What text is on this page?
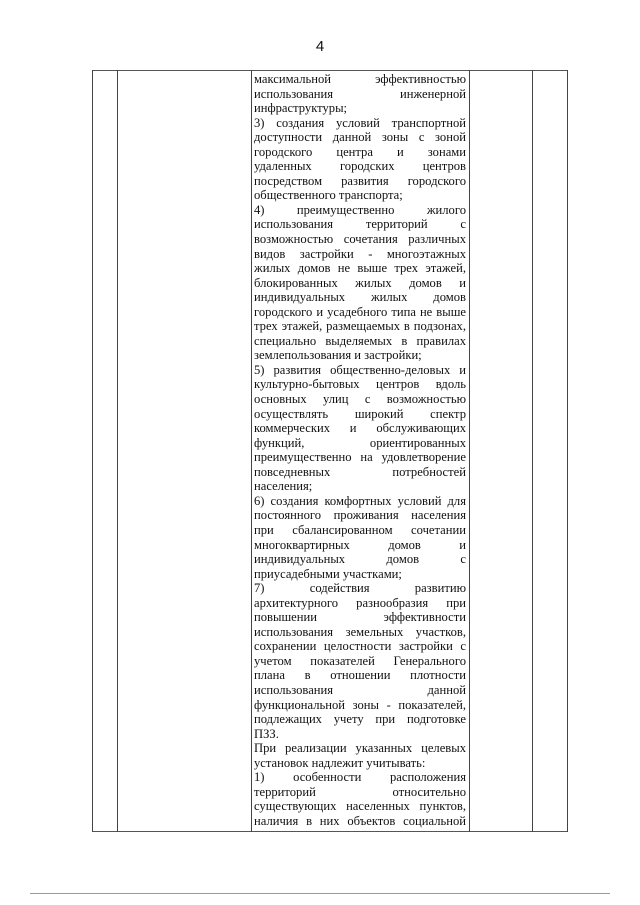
4
максимальной эффективностью
использования инженерной
инфраструктуры;
3) создания условий транспортной
доступности данной зоны с зоной
городского центра и зонами
удаленных городских центров
посредством развития городского
общественного транспорта;
4) преимущественно жилого
использования территорий с
возможностью сочетания различных
видов застройки - многоэтажных
жилых домов не выше трех этажей,
блокированных жилых домов и
индивидуальных жилых домов
городского и усадебного типа не выше
трех этажей, размещаемых в подзонах,
специально выделяемых в правилах
землепользования и застройки;
5) развития общественно-деловых и
культурно-бытовых центров вдоль
основных улиц с возможностью
осуществлять широкий спектр
коммерческих и обслуживающих
функций, ориентированных
преимущественно на удовлетворение
повседневных потребностей
населения;
6) создания комфортных условий для
постоянного проживания населения
при сбалансированном сочетании
многоквартирных домов и
индивидуальных домов с
приусадебными участками;
7) содействия развитию
архитектурного разнообразия при
повышении эффективности
использования земельных участков,
сохранении целостности застройки с
учетом показателей Генерального
плана в отношении плотности
использования данной
функциональной зоны - показателей,
подлежащих учету при подготовке
ПЗЗ.
При реализации указанных целевых
установок надлежит учитывать:
1) особенности расположения
территорий относительно
существующих населенных пунктов,
наличия в них объектов социальной
